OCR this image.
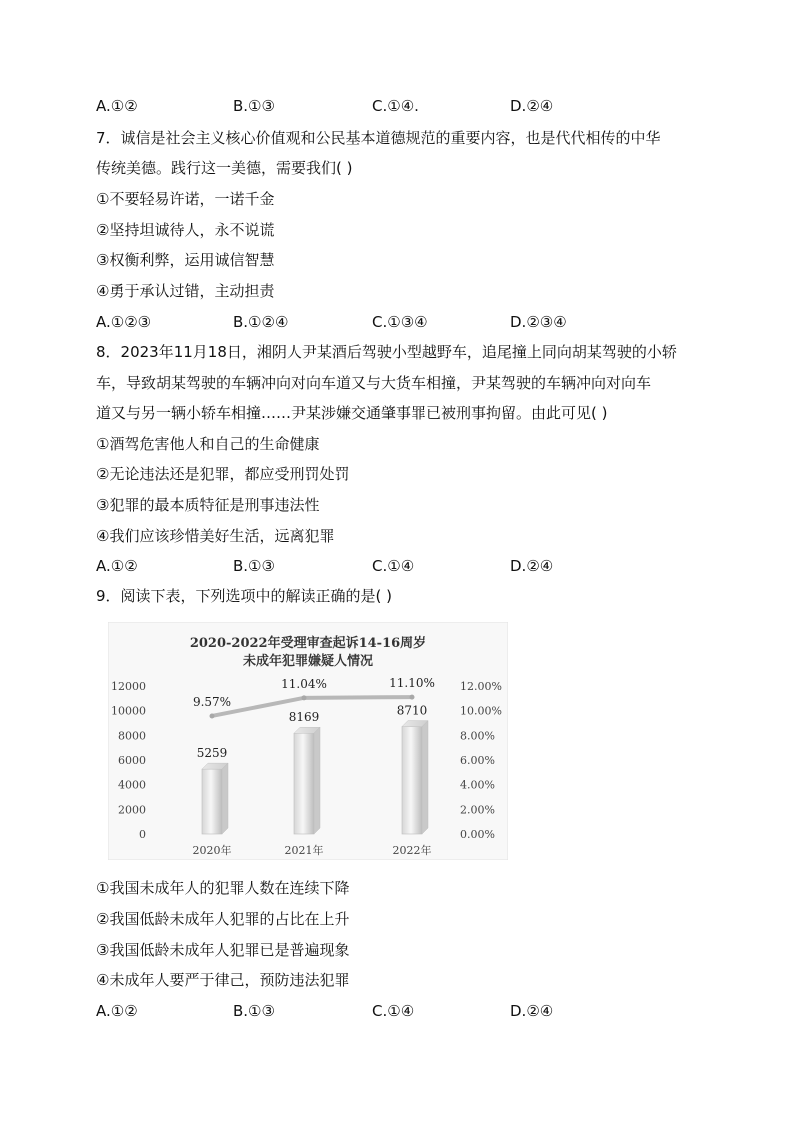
A.①②	B.①③	C.①④.	D.②④
7．诚信是社会主义核心价值观和公民基本道德规范的重要内容，也是代代相传的中华
传统美德。践行这一美德，需要我们( )
①不要轻易许诺，一诺千金
②坚持坦诚待人，永不说谎
③权衡利弊，运用诚信智慧
④勇于承认过错，主动担责
A.①②③	B.①②④	C.①③④	D.②③④
8．2023年11月18日，湘阴人尹某酒后驾驶小型越野车，追尾撞上同向胡某驾驶的小轿
车，导致胡某驾驶的车辆冲向对向车道又与大货车相撞，尹某驾驶的车辆冲向对向车
道又与另一辆小轿车相撞……尹某涉嫌交通肇事罪已被刑事拘留。由此可见( )
①酒驾危害他人和自己的生命健康
②无论违法还是犯罪，都应受刑罚处罚
③犯罪的最本质特征是刑事违法性
④我们应该珍惜美好生活，远离犯罪
A.①②	B.①③	C.①④	D.②④
9．阅读下表，下列选项中的解读正确的是( )
2020-2022年受理审查起诉14-16周岁
未成年犯罪嫌疑人情况
0
2000
4000
6000
8000
10000
12000
0.00%
2.00%
4.00%
6.00%
8.00%
10.00%
12.00%
5259
8169	8710
9.57%
11.04%	11.10%
2020年	2021年	2022年
①我国未成年人的犯罪人数在连续下降
②我国低龄未成年人犯罪的占比在上升
③我国低龄未成年人犯罪已是普遍现象
④未成年人要严于律己，预防违法犯罪
A.①②	B.①③	C.①④	D.②④
